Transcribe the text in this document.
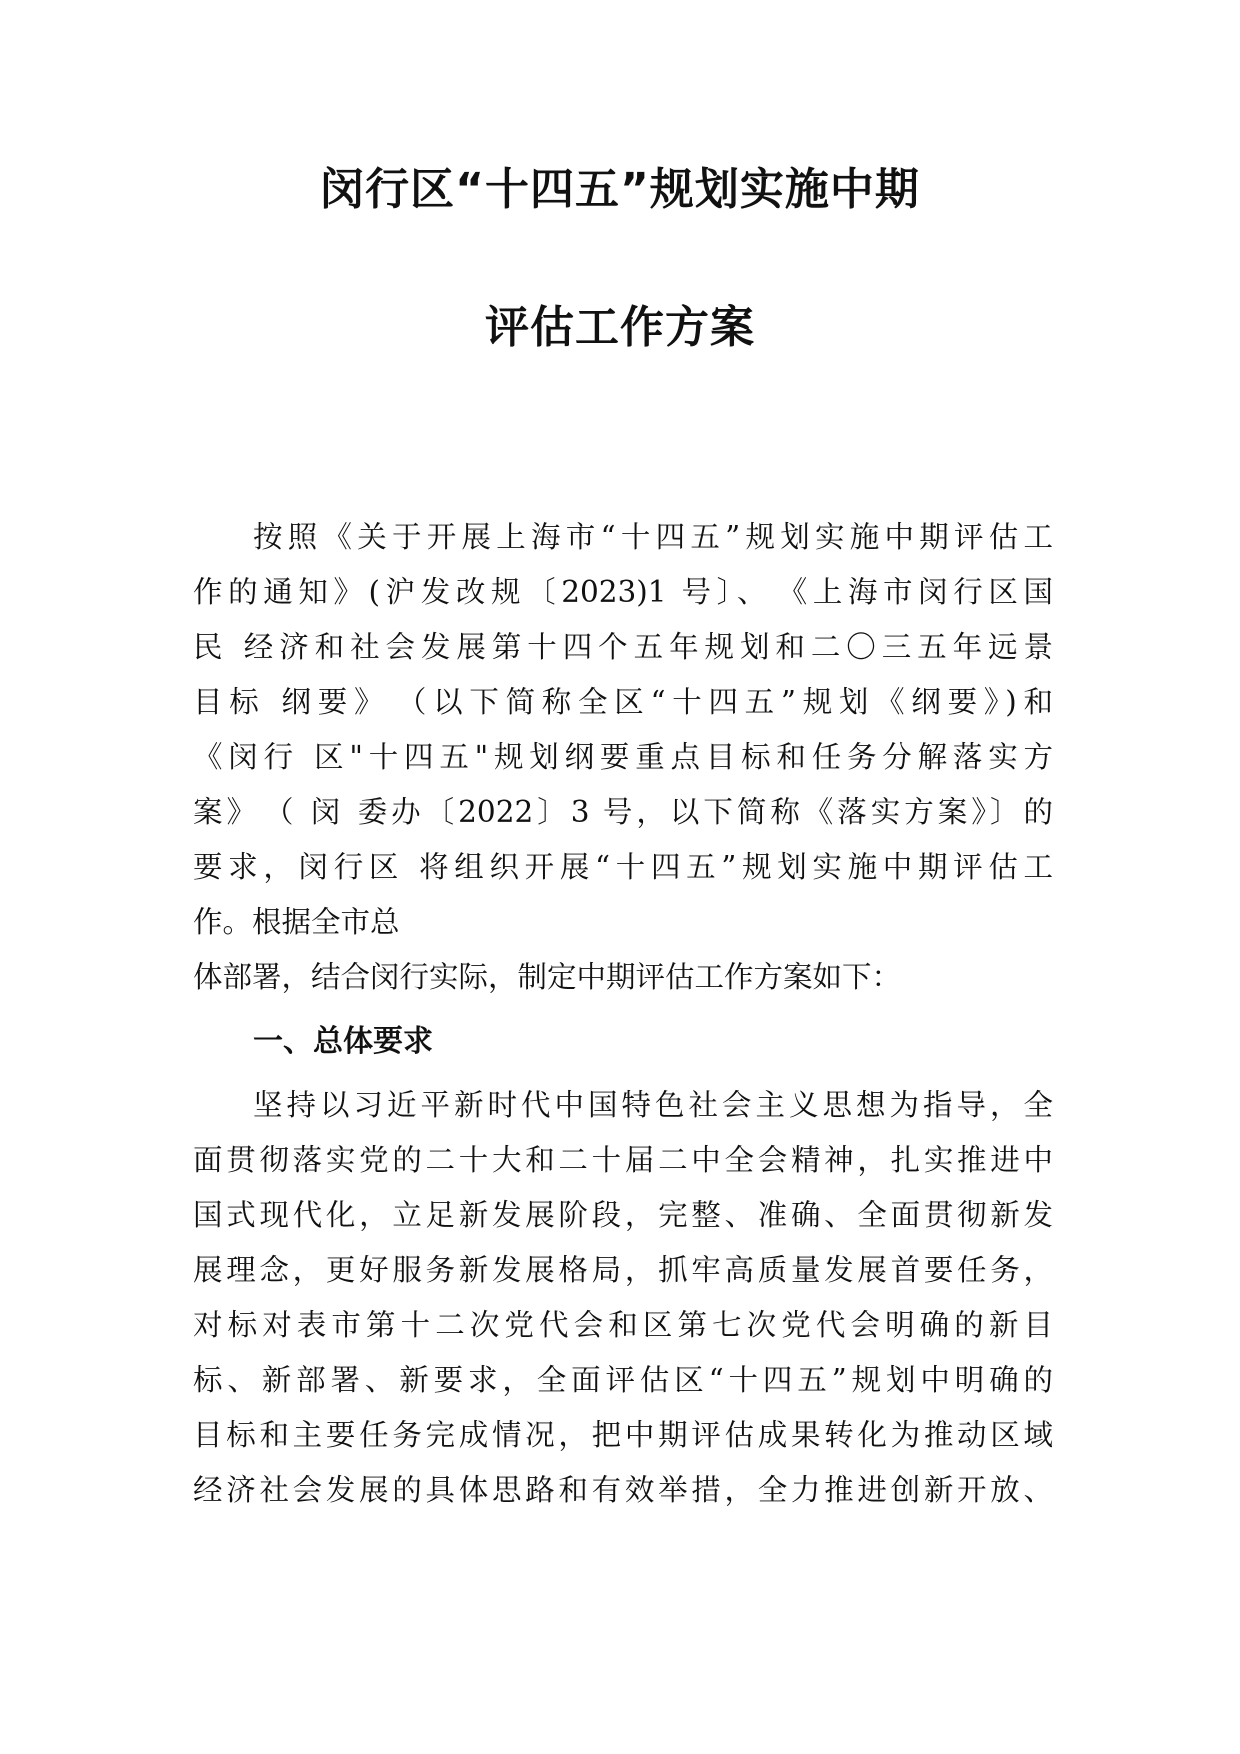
闵行区“十四五”规划实施中期
评估工作方案
按照《关于开展上海市“十四五”规划实施中期评估工
作的通知》(沪发改规〔2023)1 号〕、　《上海市闵行区国
民 经济和社会发展第十四个五年规划和二〇三五年远景
目标 纲要》　（以下简称全区“十四五”规划《纲要》)和
《闵行 区"十四五"规划纲要重点目标和任务分解落实方
案》　（ 闵 委办〔2022〕3 号，以下简称《落实方案》〕的
要求，闵行区 将组织开展“十四五”规划实施中期评估工
作。根据全市总
体部署，结合闵行实际，制定中期评估工作方案如下：
一、总体要求
坚持以习近平新时代中国特色社会主义思想为指导，全
面贯彻落实党的二十大和二十届二中全会精神，扎实推进中
国式现代化，立足新发展阶段，完整、准确、全面贯彻新发
展理念，更好服务新发展格局，抓牢高质量发展首要任务，
对标对表市第十二次党代会和区第七次党代会明确的新目
标、新部署、新要求，全面评估区“十四五”规划中明确的
目标和主要任务完成情况，把中期评估成果转化为推动区域
经济社会发展的具体思路和有效举措，全力推进创新开放、
